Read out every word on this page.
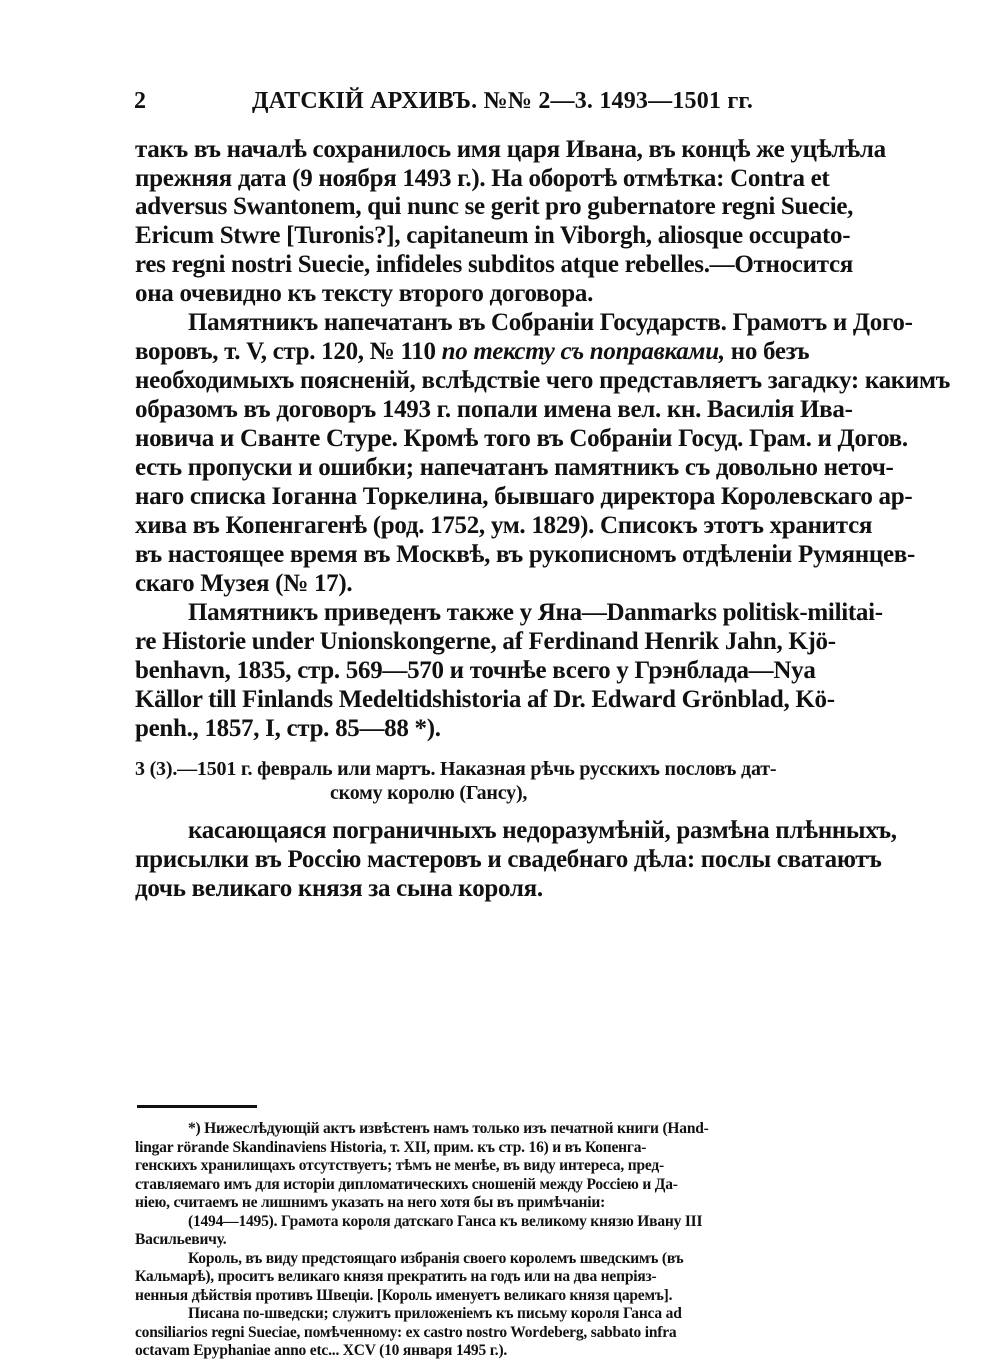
2	ДАТСКІЙ АРХИВЪ. №№ 2—3. 1493—1501 гг.
такъ въ началѣ сохранилось имя царя Ивана, въ концѣ же уцѣлѣла
прежняя дата (9 ноября 1493 г.). На оборотѣ отмѣтка: Contra et
adversus Swantonem, qui nunc se gerit pro gubernatore regni Suecie,
Ericum Stwre [Turonis?], capitaneum in Viborgh, aliosque occupato-
res regni nostri Suecie, infideles subditos atque rebelles.—Относится
она очевидно къ тексту второго договора.
Памятникъ напечатанъ въ Собраніи Государств. Грамотъ и Дого-
воровъ, т. V, стр. 120, № 110 по тексту съ поправками, но безъ
необходимыхъ поясненій, вслѣдствіе чего представляетъ загадку: какимъ
образомъ въ договоръ 1493 г. попали имена вел. кн. Василія Ива-
новича и Свантe Стуре. Кромѣ того въ Собраніи Госуд. Грам. и Догов.
есть пропуски и ошибки; напечатанъ памятникъ съ довольно неточ-
наго списка Іоганна Торкелина, бывшаго директора Королевскаго ар-
хива въ Копенгагенѣ (род. 1752, ум. 1829). Списокъ этотъ хранится
въ настоящее время въ Москвѣ, въ рукописномъ отдѣленіи Румянцев-
скаго Музея (№ 17).
Памятникъ приведенъ также у Яна—Danmarks politisk-militai-
re Historie under Unionskongerne, af Ferdinand Henrik Jahn, Kjö-
benhavn, 1835, стр. 569—570 и точнѣе всего у Грэнблада—Nya
Källor till Finlands Medeltidshistoria af Dr. Edward Grönblad, Kö-
penh., 1857, I, стр. 85—88 *).
3 (3).—1501 г. февраль или мартъ. Наказная рѣчь русскихъ пословъ дат-
скому королю (Гансу),
касающаяся пограничныхъ недоразумѣній, размѣна плѣнныхъ,
присылки въ Россію мастеровъ и свадебнаго дѣла: послы сватаютъ
дочь великаго князя за сына короля.
*) Нижеслѣдующій актъ извѣстенъ намъ только изъ печатной книги (Hand-
lingar rörande Skandinaviens Historia, т. XII, прим. къ стр. 16) и въ Копенга-
генскихъ хранилищахъ отсутствуетъ; тѣмъ не менѣе, въ виду интереса, пред-
ставляемаго имъ для исторіи дипломатическихъ сношеній между Россіею и Да-
ніею, считаемъ не лишнимъ указать на него хотя бы въ примѣчаніи:
(1494—1495). Грамота короля датскаго Ганса къ великому князю Ивану III
Васильевичу.
Король, въ виду предстоящаго избранія своего королемъ шведскимъ (въ
Кальмарѣ), проситъ великаго князя прекратить на годъ или на два непріяз-
ненныя дѣйствія противъ Швеціи. [Король именуетъ великаго князя царемъ].
Писана по-шведски; служитъ приложеніемъ къ письму короля Ганса ad
consiliarios regni Sueciae, помѣченному: ex castro nostro Wordeberg, sabbato infra
octavam Epyphaniae anno etc... XCV (10 января 1495 г.).
